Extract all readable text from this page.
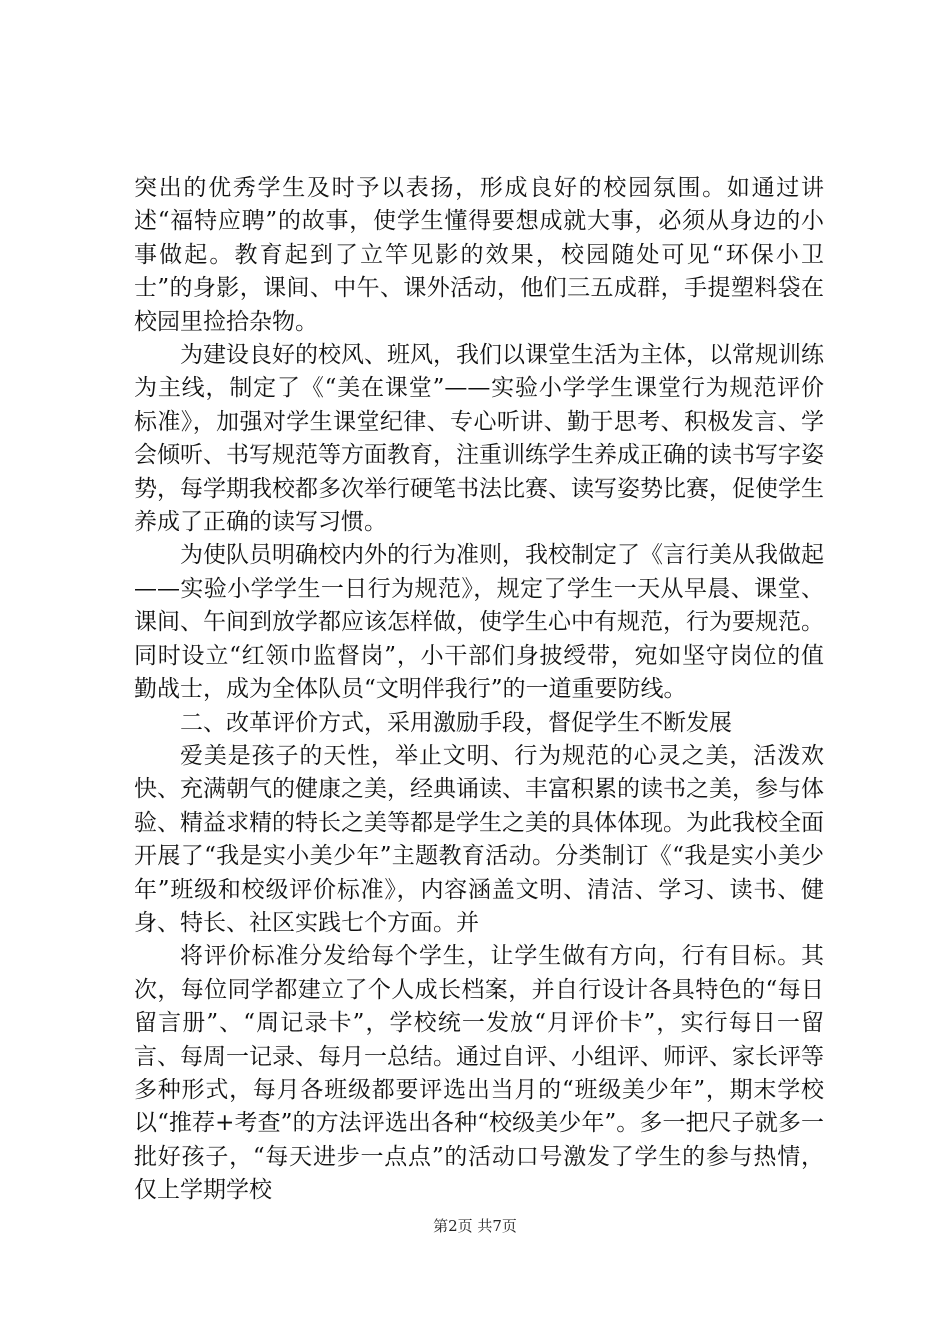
突出的优秀学生及时予以表扬，形成良好的校园氛围。如通过讲述“福特应聘”的故事，使学生懂得要想成就大事，必须从身边的小事做起。教育起到了立竿见影的效果，校园随处可见“环保小卫士”的身影，课间、中午、课外活动，他们三五成群，手提塑料袋在校园里捡拾杂物。

为建设良好的校风、班风，我们以课堂生活为主体，以常规训练为主线，制定了《“美在课堂”——实验小学学生课堂行为规范评价标准》，加强对学生课堂纪律、专心听讲、勤于思考、积极发言、学会倾听、书写规范等方面教育，注重训练学生养成正确的读书写字姿势，每学期我校都多次举行硬笔书法比赛、读写姿势比赛，促使学生养成了正确的读写习惯。

为使队员明确校内外的行为准则，我校制定了《言行美从我做起——实验小学学生一日行为规范》，规定了学生一天从早晨、课堂、课间、午间到放学都应该怎样做，使学生心中有规范，行为要规范。同时设立“红领巾监督岗”，小干部们身披绶带，宛如坚守岗位的值勤战士，成为全体队员“文明伴我行”的一道重要防线。

二、改革评价方式，采用激励手段，督促学生不断发展

爱美是孩子的天性，举止文明、行为规范的心灵之美，活泼欢快、充满朝气的健康之美，经典诵读、丰富积累的读书之美，参与体验、精益求精的特长之美等都是学生之美的具体体现。为此我校全面开展了“我是实小美少年”主题教育活动。分类制订《“我是实小美少年”班级和校级评价标准》，内容涵盖文明、清洁、学习、读书、健身、特长、社区实践七个方面。并

将评价标准分发给每个学生，让学生做有方向，行有目标。其次，每位同学都建立了个人成长档案，并自行设计各具特色的“每日留言册”、“周记录卡”，学校统一发放“月评价卡”，实行每日一留言、每周一记录、每月一总结。通过自评、小组评、师评、家长评等多种形式，每月各班级都要评选出当月的“班级美少年”，期末学校以“推荐+考查”的方法评选出各种“校级美少年”。多一把尺子就多一批好孩子，“每天进步一点点”的活动口号激发了学生的参与热情，仅上学期学校

第2页 共7页
